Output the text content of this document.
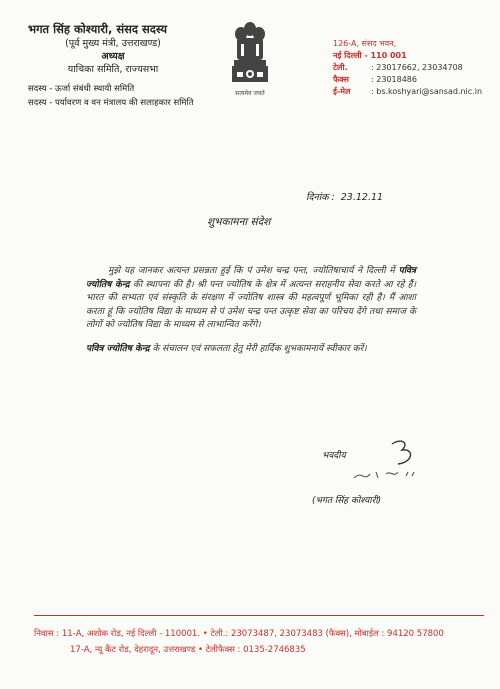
भगत सिंह कोश्यारी, संसद सदस्य

(पूर्व मुख्य मंत्री, उत्तराखण्ड)

अध्यक्ष

याचिका समिति, राज्यसभा

सदस्य - ऊर्जा संबंधी स्थायी समिति

सदस्य - पर्यावरण व वन मंत्रालय की सलाहकार समिति

सत्यमेव जयते
126-A, संसद भवन,
नई दिल्ली - 110 001
टेली.	: 23017662, 23034708
फैक्स	: 23018486
ई-मेल	: bs.koshyari@sansad.nic.in
दिनांक : 23.12.11
शुभकामना संदेश

मुझे यह जानकर अत्यन्त प्रसन्नता हुई कि पं उमेश चन्द्र पन्त, ज्योतिषाचार्य ने दिल्ली में पवित्र ज्योतिष केन्द्र की स्थापना की है। श्री पन्त ज्योतिष के क्षेत्र में अत्यन्त सराहनीय सेवा करते आ रहे हैं। भारत की सभ्यता एवं संस्कृति के संरक्षण में ज्योतिष शास्त्र की महत्वपूर्ण भूमिका रही है। मैं आशा करता हूं कि ज्योतिष विद्या के माध्यम से पं उमेश चन्द्र पन्त उत्कृष्ट सेवा का परिचय देंगे तथा समाज के लोगों को ज्योतिष विद्या के माध्यम से लाभान्वित करेंगे।

पवित्र ज्योतिष केन्द्र के संचालन एवं सफलता हेतु मेरी हार्दिक शुभकामनायें स्वीकार करें।

भवदीय
(भगत सिंह कोश्यारी)
निवास : 11-A, अशोक रोड, नई दिल्ली - 110001. • टेली.: 23073487, 23073483 (फैक्स), मोबाईल : 94120 57800
17-A, न्यू कैंट रोड, देहरादून, उत्तराखण्ड • टेलीफैक्स : 0135-2746835
